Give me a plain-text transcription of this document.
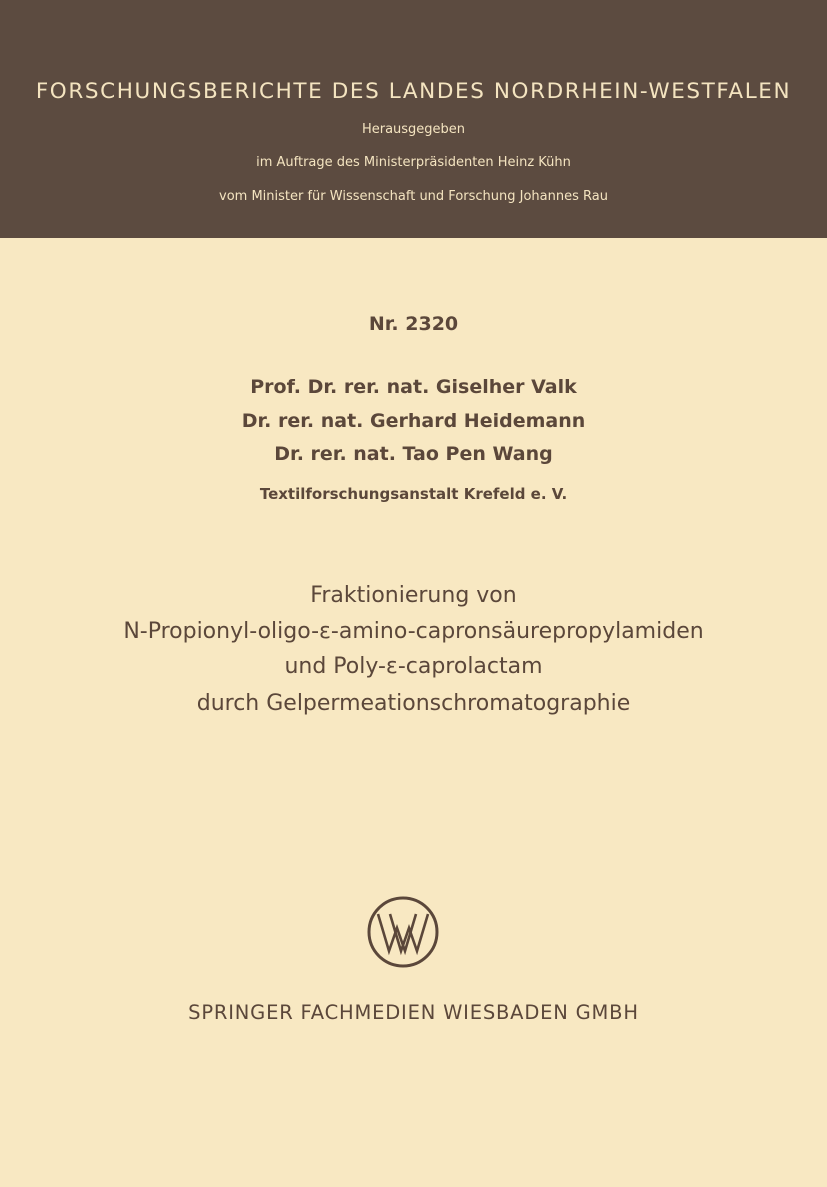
FORSCHUNGSBERICHTE DES LANDES NORDRHEIN-WESTFALEN
Herausgegeben
im Auftrage des Ministerpräsidenten Heinz Kühn
vom Minister für Wissenschaft und Forschung Johannes Rau
Nr. 2320
Prof. Dr. rer. nat. Giselher Valk
Dr. rer. nat. Gerhard Heidemann
Dr. rer. nat. Tao Pen Wang
Textilforschungsanstalt Krefeld e. V.
Fraktionierung von
N-Propionyl-oligo-ε-amino-capronsäurepropylamiden
und Poly-ε-caprolactam
durch Gelpermeationschromatographie
SPRINGER FACHMEDIEN WIESBADEN GMBH
